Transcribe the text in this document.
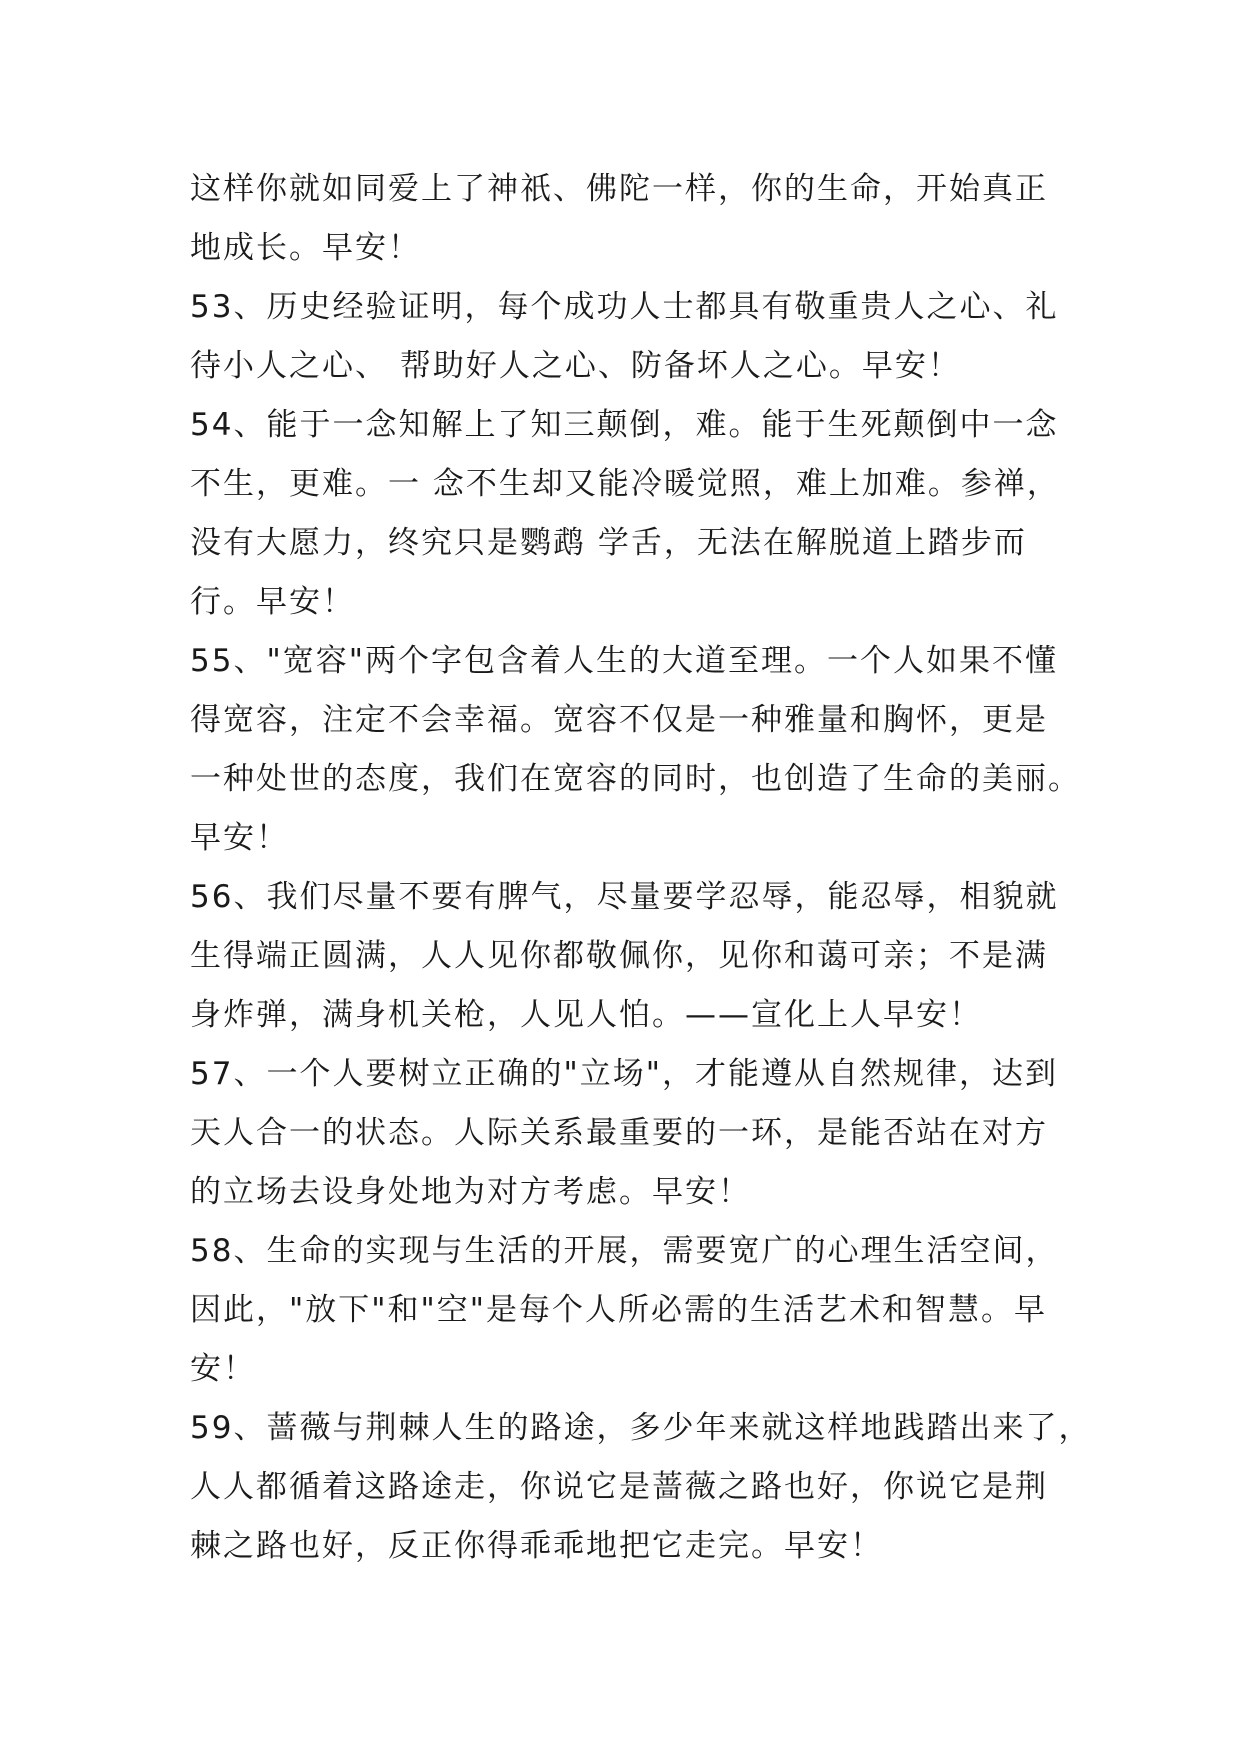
这样你就如同爱上了神祇、佛陀一样，你的生命，开始真正
地成长。早安！
53、历史经验证明，每个成功人士都具有敬重贵人之心、礼
待小人之心、 帮助好人之心、防备坏人之心。早安！
54、能于一念知解上了知三颠倒，难。能于生死颠倒中一念
不生，更难。一 念不生却又能冷暖觉照，难上加难。参禅，
没有大愿力，终究只是鹦鹉 学舌，无法在解脱道上踏步而
行。早安！
55、"宽容"两个字包含着人生的大道至理。一个人如果不懂
得宽容，注定不会幸福。宽容不仅是一种雅量和胸怀，更是
一种处世的态度，我们在宽容的同时，也创造了生命的美丽。
早安！
56、我们尽量不要有脾气，尽量要学忍辱，能忍辱，相貌就
生得端正圆满，人人见你都敬佩你，见你和蔼可亲；不是满
身炸弹，满身机关枪，人见人怕。——宣化上人早安！
57、一个人要树立正确的"立场"，才能遵从自然规律，达到
天人合一的状态。人际关系最重要的一环，是能否站在对方
的立场去设身处地为对方考虑。早安！
58、生命的实现与生活的开展，需要宽广的心理生活空间，
因此，"放下"和"空"是每个人所必需的生活艺术和智慧。早
安！
59、蔷薇与荆棘人生的路途，多少年来就这样地践踏出来了，
人人都循着这路途走，你说它是蔷薇之路也好，你说它是荆
棘之路也好，反正你得乖乖地把它走完。早安！
